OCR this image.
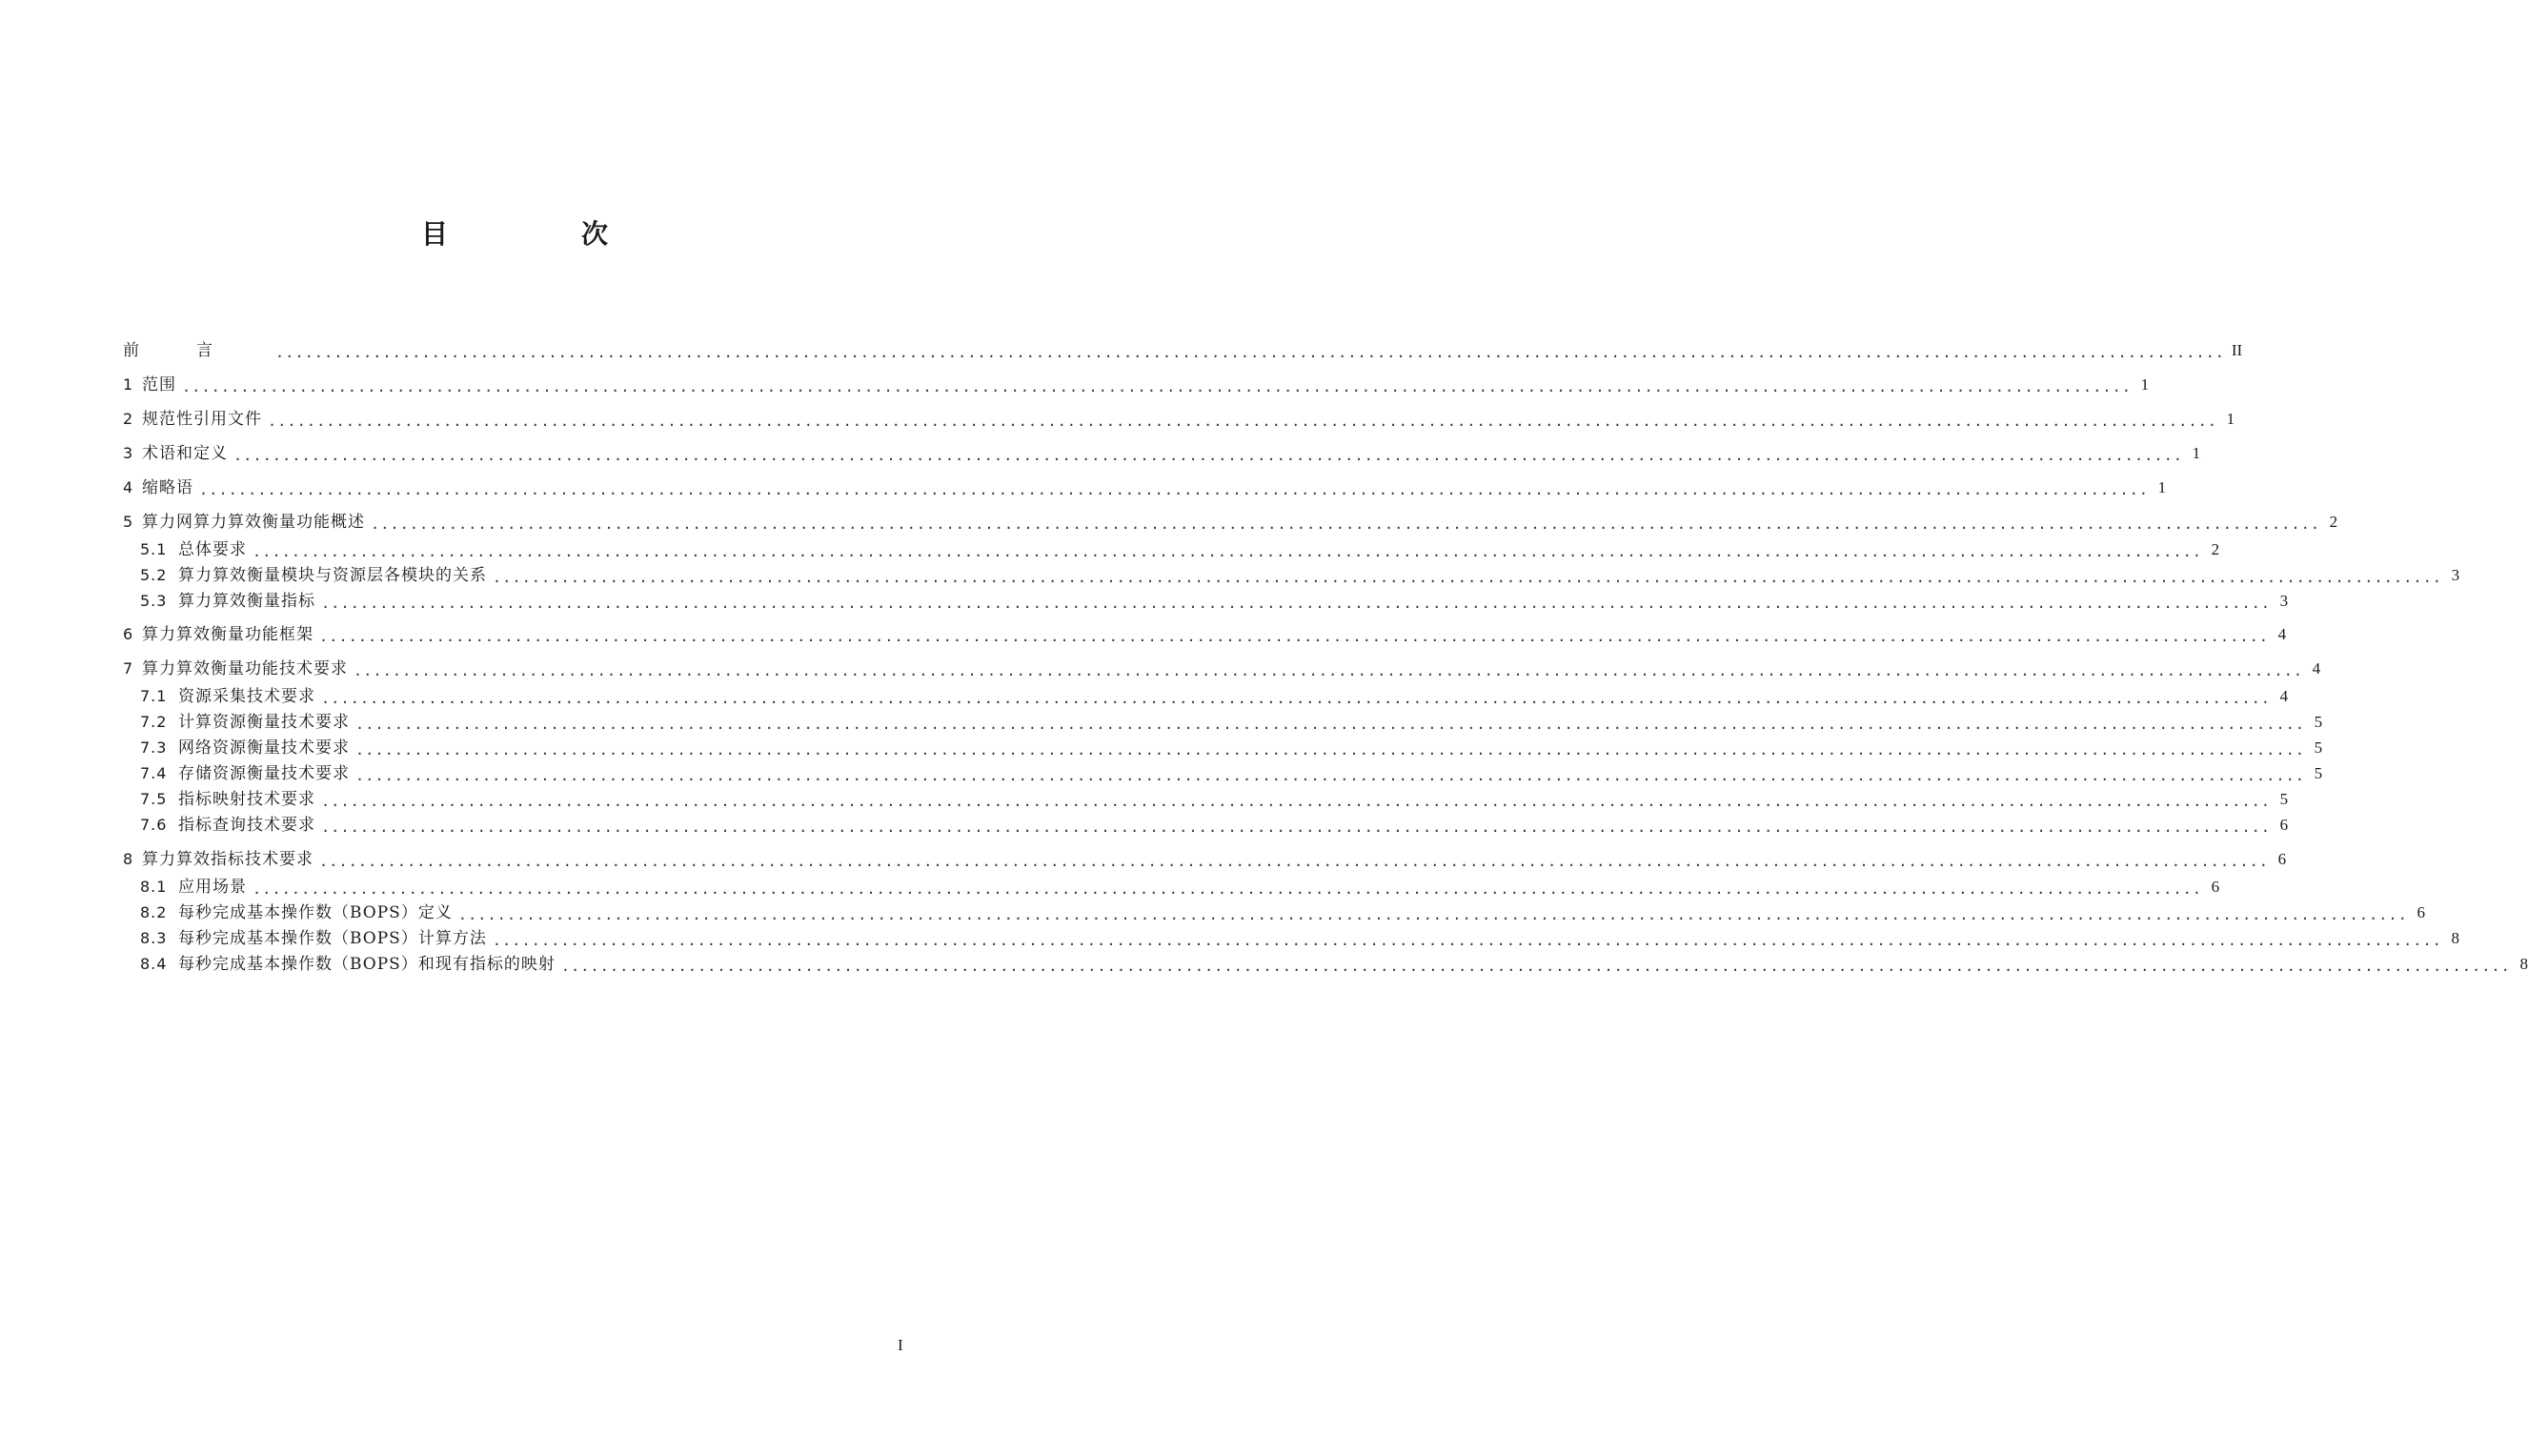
目　次
前言 ........................................................................................................................................................................................................ II
1 范围 ........................................................................................................................................................................................................ 1
2 规范性引用文件 ........................................................................................................................................................................................................ 1
3 术语和定义 ........................................................................................................................................................................................................ 1
4 缩略语 ........................................................................................................................................................................................................ 1
5 算力网算力算效衡量功能概述 ........................................................................................................................................................................................................ 2
5.1 总体要求 ........................................................................................................................................................................................................ 2
5.2 算力算效衡量模块与资源层各模块的关系 ........................................................................................................................................................................................................ 3
5.3 算力算效衡量指标 ........................................................................................................................................................................................................ 3
6 算力算效衡量功能框架 ........................................................................................................................................................................................................ 4
7 算力算效衡量功能技术要求 ........................................................................................................................................................................................................ 4
7.1 资源采集技术要求 ........................................................................................................................................................................................................ 4
7.2 计算资源衡量技术要求 ........................................................................................................................................................................................................ 5
7.3 网络资源衡量技术要求 ........................................................................................................................................................................................................ 5
7.4 存储资源衡量技术要求 ........................................................................................................................................................................................................ 5
7.5 指标映射技术要求 ........................................................................................................................................................................................................ 5
7.6 指标查询技术要求 ........................................................................................................................................................................................................ 6
8 算力算效指标技术要求 ........................................................................................................................................................................................................ 6
8.1 应用场景 ........................................................................................................................................................................................................ 6
8.2 每秒完成基本操作数（BOPS）定义 ........................................................................................................................................................................................................ 6
8.3 每秒完成基本操作数（BOPS）计算方法 ........................................................................................................................................................................................................ 8
8.4 每秒完成基本操作数（BOPS）和现有指标的映射 ........................................................................................................................................................................................................ 8
I
